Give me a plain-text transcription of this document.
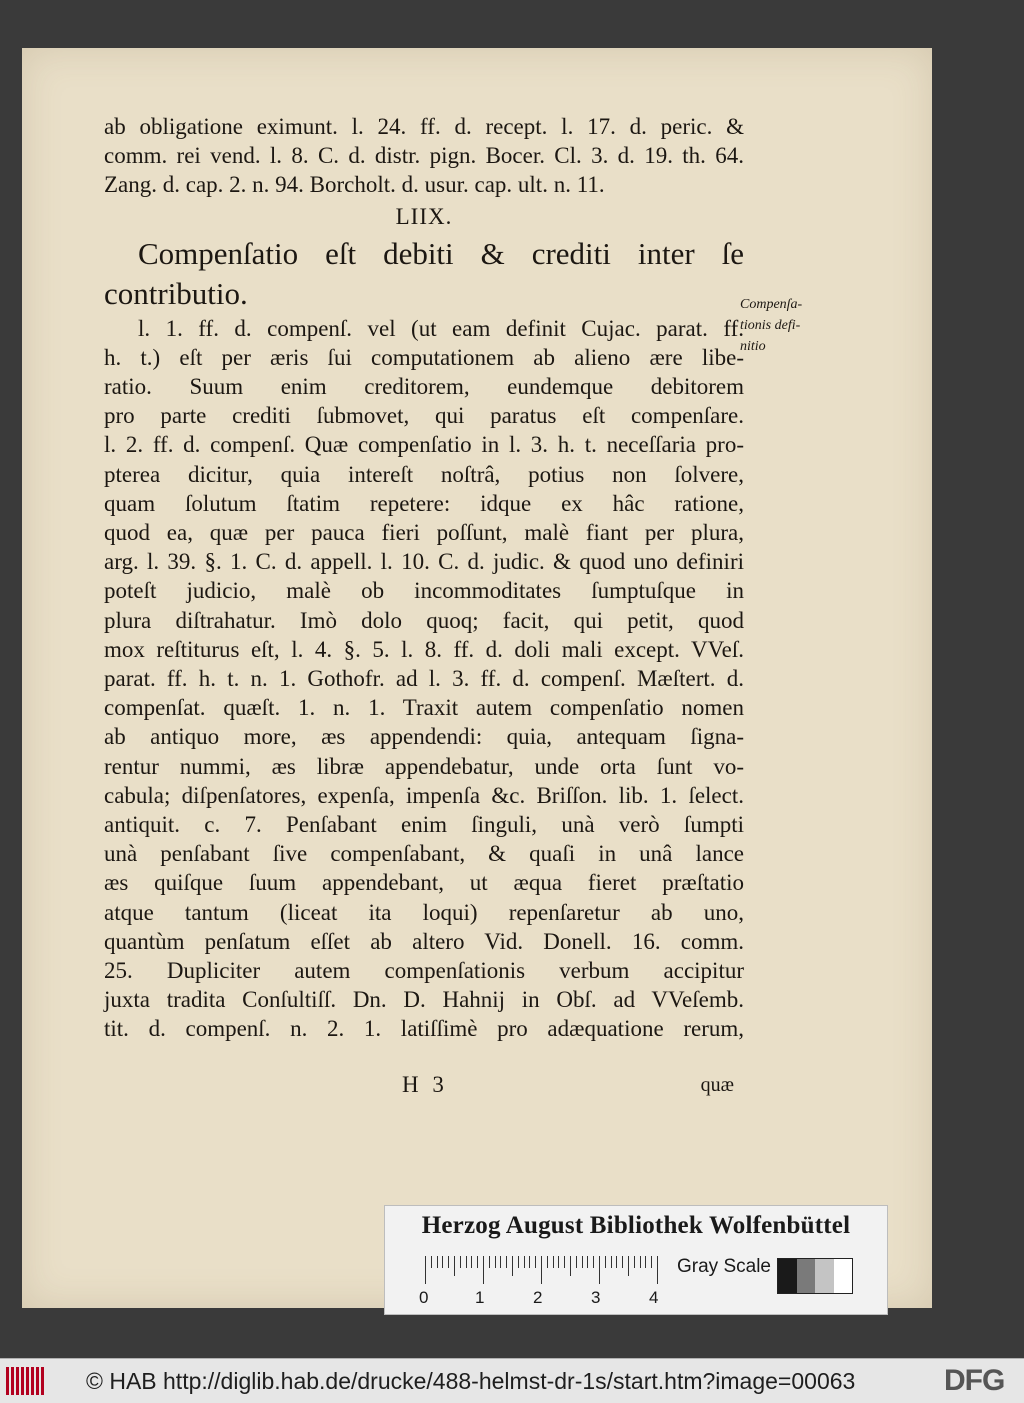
ab obligatione eximunt. l. 24. ff. d. recept. l. 17. d. peric. &
comm. rei vend. l. 8. C. d. distr. pign. Bocer. Cl. 3. d. 19. th. 64.
Zang. d. cap. 2. n. 94. Borcholt. d. usur. cap. ult. n. 11.
LIIX.
Compenſatio eſt debiti & crediti inter ſe
contributio.
l. 1. ff. d. compenſ. vel (ut eam definit Cujac. parat. ff.
h. t.) eſt per æris ſui computationem ab alieno ære libe-
ratio. Suum enim creditorem, eundemque debitorem
pro parte crediti ſubmovet, qui paratus eſt compenſare.
l. 2. ff. d. compenſ. Quæ compenſatio in l. 3. h. t. neceſſaria pro-
pterea dicitur, quia intereſt noſtrâ, potius non ſolvere,
quam ſolutum ſtatim repetere: idque ex hâc ratione,
quod ea, quæ per pauca fieri poſſunt, malè fiant per plura,
arg. l. 39. §. 1. C. d. appell. l. 10. C. d. judic. & quod uno definiri
poteſt judicio, malè ob incommoditates ſumptuſque in
plura diſtrahatur. Imò dolo quoq; facit, qui petit, quod
mox reſtiturus eſt, l. 4. §. 5. l. 8. ff. d. doli mali except. VVeſ.
parat. ff. h. t. n. 1. Gothofr. ad l. 3. ff. d. compenſ. Mæſtert. d.
compenſat. quæſt. 1. n. 1. Traxit autem compenſatio nomen
ab antiquo more, æs appendendi: quia, antequam ſigna-
rentur nummi, æs libræ appendebatur, unde orta ſunt vo-
cabula; diſpenſatores, expenſa, impenſa &c. Briſſon. lib. 1. ſelect.
antiquit. c. 7. Penſabant enim ſinguli, unà verò ſumpti
unà penſabant ſive compenſabant, & quaſi in unâ lance
æs quiſque ſuum appendebant, ut æqua fieret præſtatio
atque tantum (liceat ita loqui) repenſaretur ab uno,
quantùm penſatum eſſet ab altero Vid. Donell. 16. comm.
25. Dupliciter autem compenſationis verbum accipitur
juxta tradita Conſultiſſ. Dn. D. Hahnij in Obſ. ad VVeſemb.
tit. d. compenſ. n. 2. 1. latiſſimè pro adæquatione rerum,
Compenſa-
tionis defi-
nitio
H 3	quæ
Herzog August Bibliothek Wolfenbüttel
0	1	2	3	4
Gray Scale
© HAB http://diglib.hab.de/drucke/488-helmst-dr-1s/start.htm?image=00063	DFG
